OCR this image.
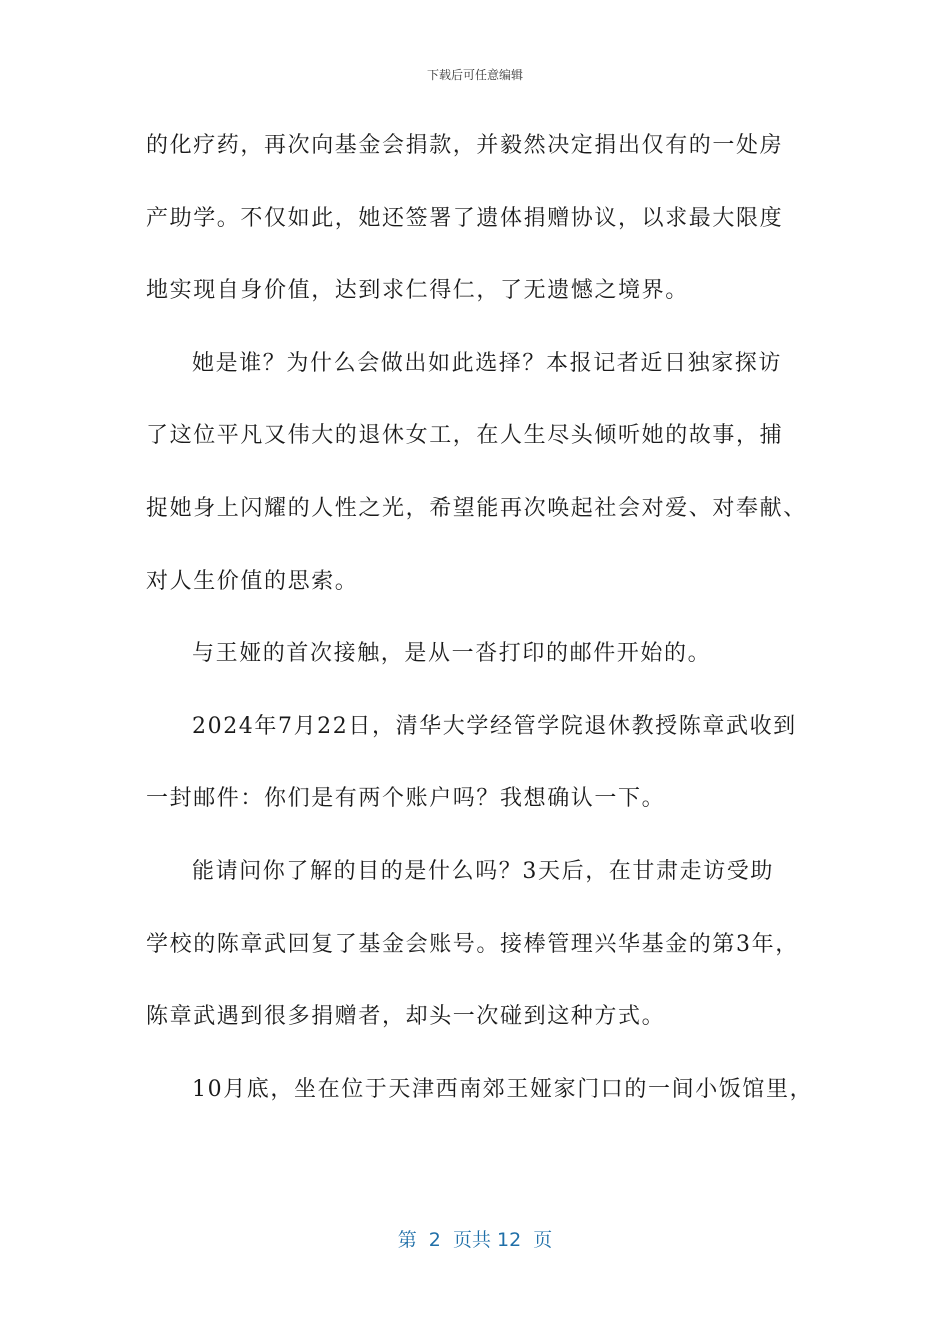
下载后可任意编辑
的化疗药，再次向基金会捐款，并毅然决定捐出仅有的一处房
产助学。不仅如此，她还签署了遗体捐赠协议，以求最大限度
地实现自身价值，达到求仁得仁，了无遗憾之境界。
她是谁？为什么会做出如此选择？本报记者近日独家探访
了这位平凡又伟大的退休女工，在人生尽头倾听她的故事，捕
捉她身上闪耀的人性之光，希望能再次唤起社会对爱、对奉献、
对人生价值的思索。
与王娅的首次接触，是从一沓打印的邮件开始的。
2024年7月22日，清华大学经管学院退休教授陈章武收到
一封邮件：你们是有两个账户吗？我想确认一下。
能请问你了解的目的是什么吗？3天后，在甘肃走访受助
学校的陈章武回复了基金会账号。接棒管理兴华基金的第3年，
陈章武遇到很多捐赠者，却头一次碰到这种方式。
10月底，坐在位于天津西南郊王娅家门口的一间小饭馆里，
第  2  页共 12  页
